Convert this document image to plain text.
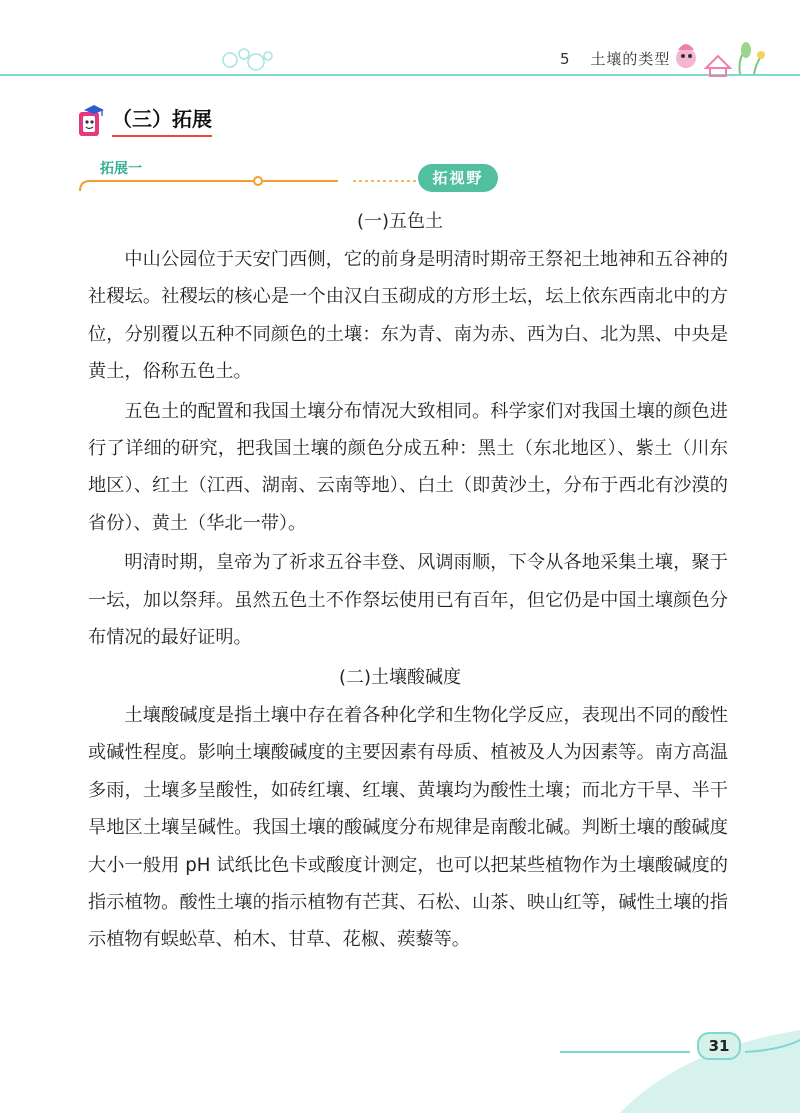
5 土壤的类型
（三）拓展
拓展一	拓视野
(一)五色土

中山公园位于天安门西侧，它的前身是明清时期帝王祭祀土地神和五谷神的社稷坛。社稷坛的核心是一个由汉白玉砌成的方形土坛，坛上依东西南北中的方位，分别覆以五种不同颜色的土壤：东为青、南为赤、西为白、北为黑、中央是黄土，俗称五色土。

五色土的配置和我国土壤分布情况大致相同。科学家们对我国土壤的颜色进行了详细的研究，把我国土壤的颜色分成五种：黑土（东北地区）、紫土（川东地区）、红土（江西、湖南、云南等地）、白土（即黄沙土，分布于西北有沙漠的省份）、黄土（华北一带）。

明清时期，皇帝为了祈求五谷丰登、风调雨顺，下令从各地采集土壤，聚于一坛，加以祭拜。虽然五色土不作祭坛使用已有百年，但它仍是中国土壤颜色分布情况的最好证明。

(二)土壤酸碱度

土壤酸碱度是指土壤中存在着各种化学和生物化学反应，表现出不同的酸性或碱性程度。影响土壤酸碱度的主要因素有母质、植被及人为因素等。南方高温多雨，土壤多呈酸性，如砖红壤、红壤、黄壤均为酸性土壤；而北方干旱、半干旱地区土壤呈碱性。我国土壤的酸碱度分布规律是南酸北碱。判断土壤的酸碱度大小一般用 pH 试纸比色卡或酸度计测定，也可以把某些植物作为土壤酸碱度的指示植物。酸性土壤的指示植物有芒萁、石松、山茶、映山红等，碱性土壤的指示植物有蜈蚣草、柏木、甘草、花椒、蒺藜等。

31
